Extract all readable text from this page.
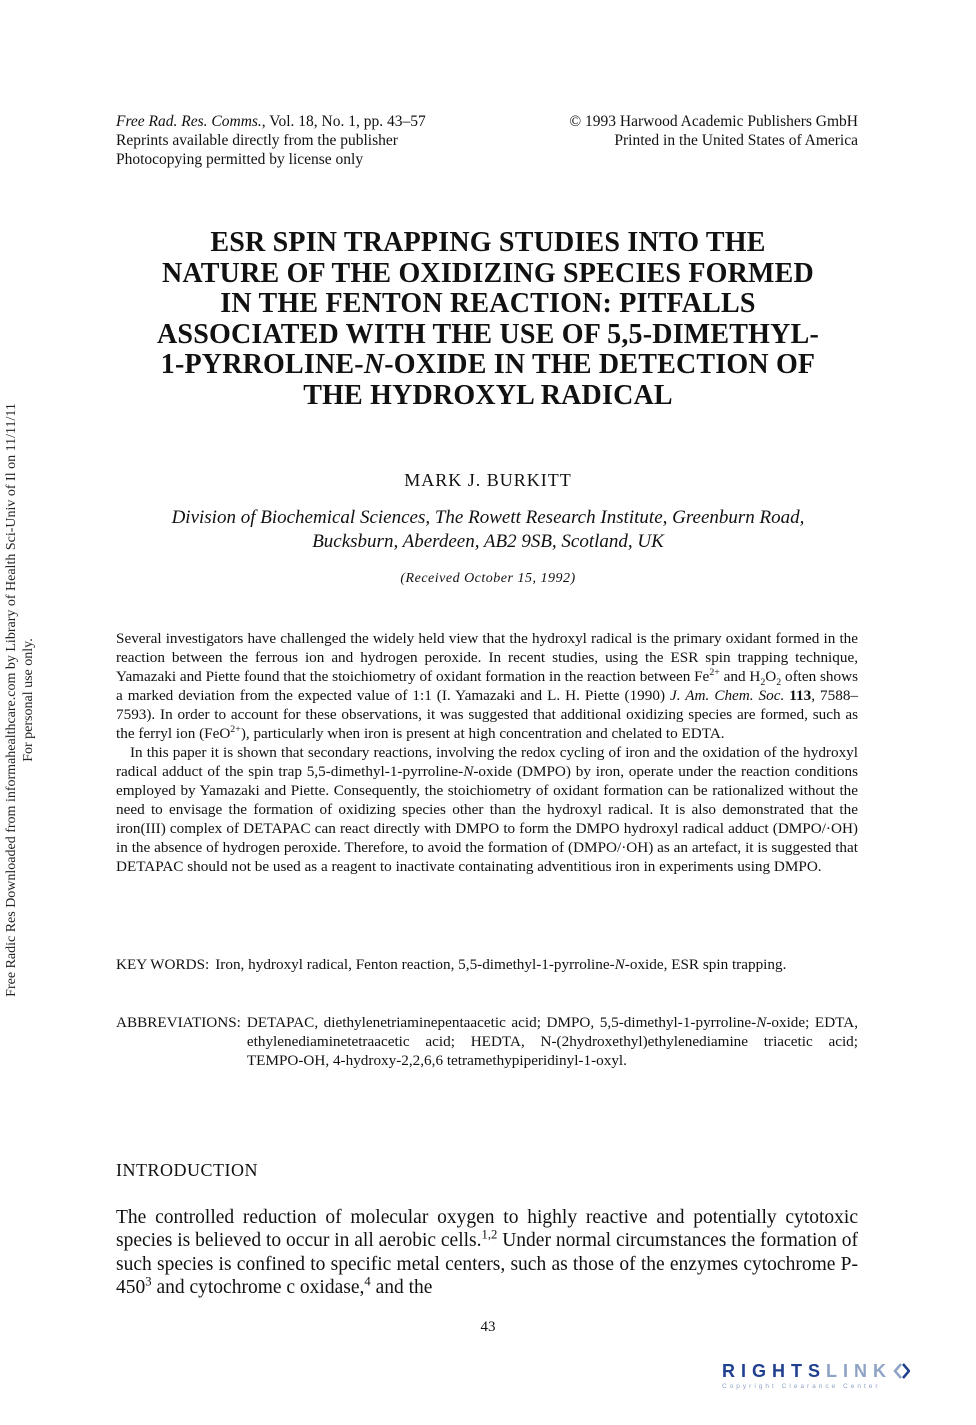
Free Radic Res Downloaded from informahealthcare.com by Library of Health Sci-Univ of Il on 11/11/11 For personal use only.
Free Rad. Res. Comms., Vol. 18, No. 1, pp. 43–57
Reprints available directly from the publisher
Photocopying permitted by license only
© 1993 Harwood Academic Publishers GmbH
Printed in the United States of America
ESR SPIN TRAPPING STUDIES INTO THE
NATURE OF THE OXIDIZING SPECIES FORMED
IN THE FENTON REACTION: PITFALLS
ASSOCIATED WITH THE USE OF 5,5-DIMETHYL-
1-PYRROLINE-N-OXIDE IN THE DETECTION OF
THE HYDROXYL RADICAL
MARK J. BURKITT
Division of Biochemical Sciences, The Rowett Research Institute, Greenburn Road,
Bucksburn, Aberdeen, AB2 9SB, Scotland, UK
(Received October 15, 1992)

Several investigators have challenged the widely held view that the hydroxyl radical is the primary oxidant formed in the reaction between the ferrous ion and hydrogen peroxide. In recent studies, using the ESR spin trapping technique, Yamazaki and Piette found that the stoichiometry of oxidant formation in the reaction between $Fe^{2+}$ and $H_2O_2$ often shows a marked deviation from the expected value of 1:1 (I. Yamazaki and L. H. Piette (1990) J. Am. Chem. Soc. 113, 7588–7593). In order to account for these observations, it was suggested that additional oxidizing species are formed, such as the ferryl ion (FeO$^{2+}$), particularly when iron is present at high concentration and chelated to EDTA.

In this paper it is shown that secondary reactions, involving the redox cycling of iron and the oxidation of the hydroxyl radical adduct of the spin trap 5,5-dimethyl-1-pyrroline-N-oxide (DMPO) by iron, operate under the reaction conditions employed by Yamazaki and Piette. Consequently, the stoichiometry of oxidant formation can be rationalized without the need to envisage the formation of oxidizing species other than the hydroxyl radical. It is also demonstrated that the iron(III) complex of DETAPAC can react directly with DMPO to form the DMPO hydroxyl radical adduct (DMPO/·OH) in the absence of hydrogen peroxide. Therefore, to avoid the formation of (DMPO/·OH) as an artefact, it is suggested that DETAPAC should not be used as a reagent to inactivate containating adventitious iron in experiments using DMPO.

KEY WORDS: Iron, hydroxyl radical, Fenton reaction, 5,5-dimethyl-1-pyrroline-N-oxide, ESR spin trapping.
ABBREVIATIONS: DETAPAC, diethylenetriaminepentaacetic acid; DMPO, 5,5-dimethyl-1-pyrroline-N-oxide; EDTA, ethylenediaminetetraacetic acid; HEDTA, N-(2hydroxethyl)ethylenediamine triacetic acid; TEMPO-OH, 4-hydroxy-2,2,6,6 tetramethypiperidinyl-1-oxyl.
INTRODUCTION
The controlled reduction of molecular oxygen to highly reactive and potentially cytotoxic species is believed to occur in all aerobic cells.$^{1,2}$ Under normal circumstances the formation of such species is confined to specific metal centers, such as those of the enzymes cytochrome $P-450^3$ and cytochrome c oxidase,$^4$ and the
43
RIGHTSLINK
Copyright Clearance Center
